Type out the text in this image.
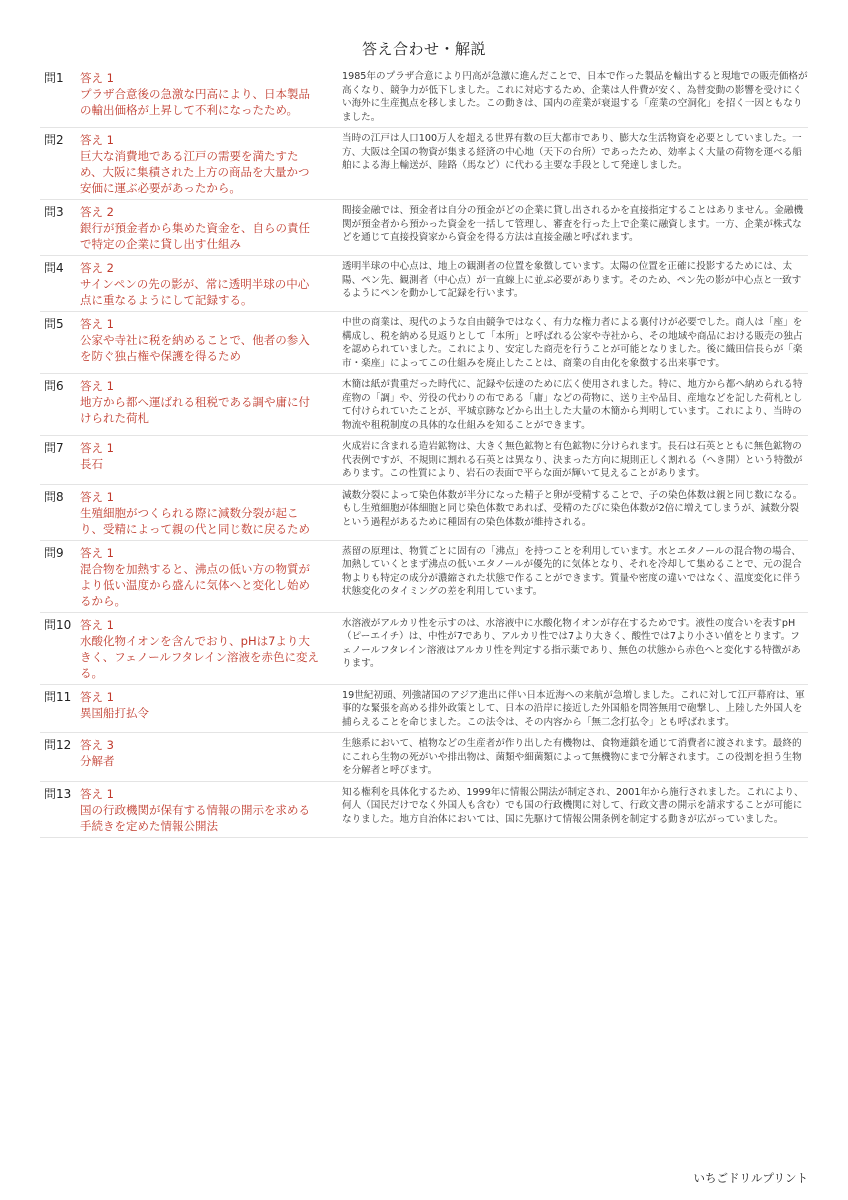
答え合わせ・解説
問1	答え 1
プラザ合意後の急激な円高により、日本製品の輸出価格が上昇して不利になったため。
1985年のプラザ合意により円高が急激に進んだことで、日本で作った製品を輸出すると現地での販売価格が高くなり、競争力が低下しました。これに対応するため、企業は人件費が安く、為替変動の影響を受けにくい海外に生産拠点を移しました。この動きは、国内の産業が衰退する「産業の空洞化」を招く一因ともなりました。
問2	答え 1
巨大な消費地である江戸の需要を満たすため、大阪に集積された上方の商品を大量かつ安価に運ぶ必要があったから。
当時の江戸は人口100万人を超える世界有数の巨大都市であり、膨大な生活物資を必要としていました。一方、大阪は全国の物資が集まる経済の中心地（天下の台所）であったため、効率よく大量の荷物を運べる船舶による海上輸送が、陸路（馬など）に代わる主要な手段として発達しました。
問3	答え 2
銀行が預金者から集めた資金を、自らの責任で特定の企業に貸し出す仕組み
間接金融では、預金者は自分の預金がどの企業に貸し出されるかを直接指定することはありません。金融機関が預金者から預かった資金を一括して管理し、審査を行った上で企業に融資します。一方、企業が株式などを通じて直接投資家から資金を得る方法は直接金融と呼ばれます。
問4	答え 2
サインペンの先の影が、常に透明半球の中心点に重なるようにして記録する。
透明半球の中心点は、地上の観測者の位置を象徴しています。太陽の位置を正確に投影するためには、太陽、ペン先、観測者（中心点）が一直線上に並ぶ必要があります。そのため、ペン先の影が中心点と一致するようにペンを動かして記録を行います。
問5	答え 1
公家や寺社に税を納めることで、他者の参入を防ぐ独占権や保護を得るため
中世の商業は、現代のような自由競争ではなく、有力な権力者による裏付けが必要でした。商人は「座」を構成し、税を納める見返りとして「本所」と呼ばれる公家や寺社から、その地域や商品における販売の独占を認められていました。これにより、安定した商売を行うことが可能となりました。後に織田信長らが「楽市・楽座」によってこの仕組みを廃止したことは、商業の自由化を象徴する出来事です。
問6	答え 1
地方から都へ運ばれる租税である調や庸に付けられた荷札
木簡は紙が貴重だった時代に、記録や伝達のために広く使用されました。特に、地方から都へ納められる特産物の「調」や、労役の代わりの布である「庸」などの荷物に、送り主や品目、産地などを記した荷札として付けられていたことが、平城京跡などから出土した大量の木簡から判明しています。これにより、当時の物流や租税制度の具体的な仕組みを知ることができます。
問7	答え 1
長石
火成岩に含まれる造岩鉱物は、大きく無色鉱物と有色鉱物に分けられます。長石は石英とともに無色鉱物の代表例ですが、不規則に割れる石英とは異なり、決まった方向に規則正しく割れる（へき開）という特徴があります。この性質により、岩石の表面で平らな面が輝いて見えることがあります。
問8	答え 1
生殖細胞がつくられる際に減数分裂が起こり、受精によって親の代と同じ数に戻るため
減数分裂によって染色体数が半分になった精子と卵が受精することで、子の染色体数は親と同じ数になる。もし生殖細胞が体細胞と同じ染色体数であれば、受精のたびに染色体数が2倍に増えてしまうが、減数分裂という過程があるために種固有の染色体数が維持される。
問9	答え 1
混合物を加熱すると、沸点の低い方の物質がより低い温度から盛んに気体へと変化し始めるから。
蒸留の原理は、物質ごとに固有の「沸点」を持つことを利用しています。水とエタノールの混合物の場合、加熱していくとまず沸点の低いエタノールが優先的に気体となり、それを冷却して集めることで、元の混合物よりも特定の成分が濃縮された状態で作ることができます。質量や密度の違いではなく、温度変化に伴う状態変化のタイミングの差を利用しています。
問10 答え 1
水酸化物イオンを含んでおり、pHは7より大きく、フェノールフタレイン溶液を赤色に変える。
水溶液がアルカリ性を示すのは、水溶液中に水酸化物イオンが存在するためです。液性の度合いを表すpH（ピーエイチ）は、中性が7であり、アルカリ性では7より大きく、酸性では7より小さい値をとります。フェノールフタレイン溶液はアルカリ性を判定する指示薬であり、無色の状態から赤色へと変化する特徴があります。
問11 答え 1
異国船打払令
19世紀初頭、列強諸国のアジア進出に伴い日本近海への来航が急増しました。これに対して江戸幕府は、軍事的な緊張を高める排外政策として、日本の沿岸に接近した外国船を問答無用で砲撃し、上陸した外国人を捕らえることを命じました。この法令は、その内容から「無二念打払令」とも呼ばれます。
問12 答え 3
分解者
生態系において、植物などの生産者が作り出した有機物は、食物連鎖を通じて消費者に渡されます。最終的にこれら生物の死がいや排出物は、菌類や細菌類によって無機物にまで分解されます。この役割を担う生物を分解者と呼びます。
問13 答え 1
国の行政機関が保有する情報の開示を求める手続きを定めた情報公開法
知る権利を具体化するため、1999年に情報公開法が制定され、2001年から施行されました。これにより、何人（国民だけでなく外国人も含む）でも国の行政機関に対して、行政文書の開示を請求することが可能になりました。地方自治体においては、国に先駆けて情報公開条例を制定する動きが広がっていました。
いちごドリルプリント
